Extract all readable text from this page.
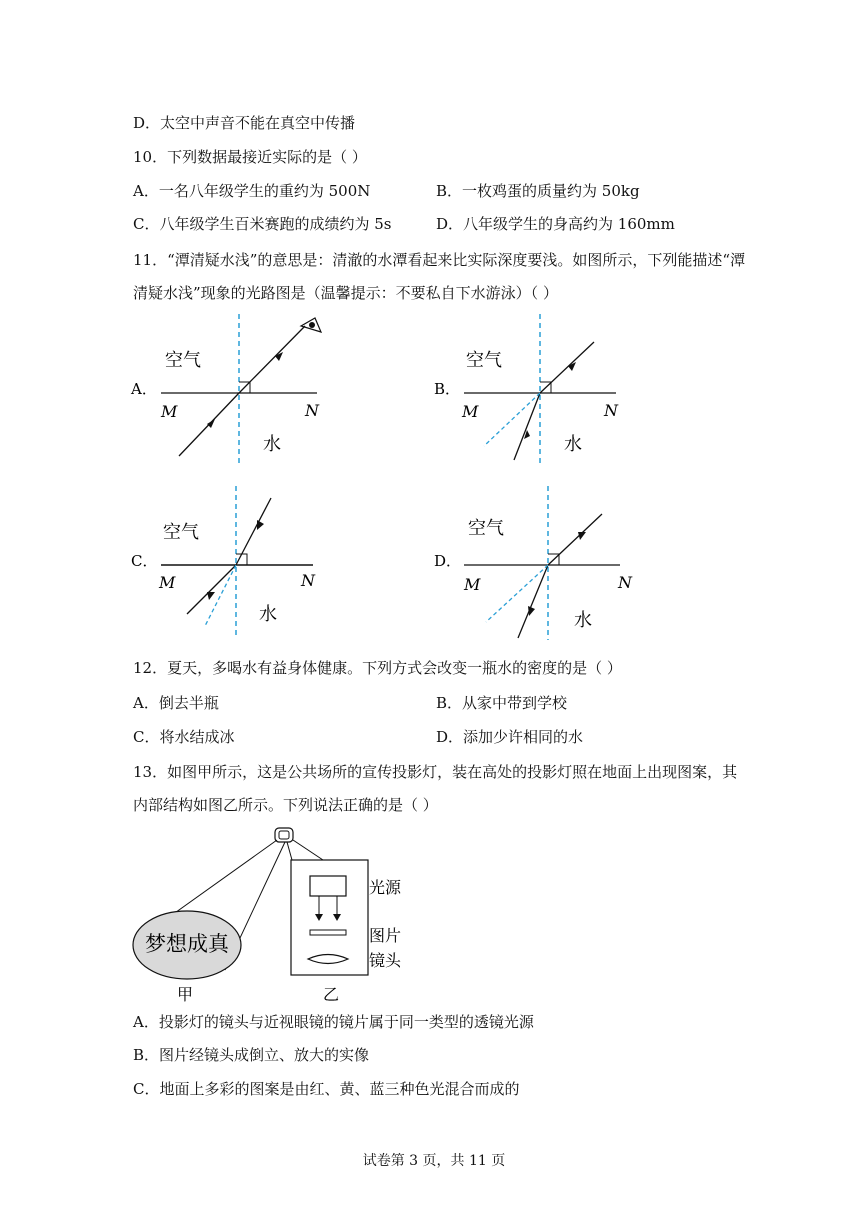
D．太空中声音不能在真空中传播
10．下列数据最接近实际的是（ ）
A．一名八年级学生的重约为 500N	B．一枚鸡蛋的质量约为 50kg
C．八年级学生百米赛跑的成绩约为 5s	D．八年级学生的身高约为 160mm
11．“潭清疑水浅”的意思是：清澈的水潭看起来比实际深度要浅。如图所示，下列能描述“潭
清疑水浅”现象的光路图是（温馨提示：不要私自下水游泳）（ ）
A．
空气
M	N
水
B．
空气
M	N
水
C．
空气
M	N
水
D．
空气
M	N
水
12．夏天，多喝水有益身体健康。下列方式会改变一瓶水的密度的是（ ）
A．倒去半瓶	B．从家中带到学校
C．将水结成冰	D．添加少许相同的水
13．如图甲所示，这是公共场所的宣传投影灯，装在高处的投影灯照在地面上出现图案，其
内部结构如图乙所示。下列说法正确的是（ ）
梦想成真
光源
图片
镜头
甲	乙
A．投影灯的镜头与近视眼镜的镜片属于同一类型的透镜光源
B．图片经镜头成倒立、放大的实像
C．地面上多彩的图案是由红、黄、蓝三种色光混合而成的
试卷第 3 页，共 11 页
